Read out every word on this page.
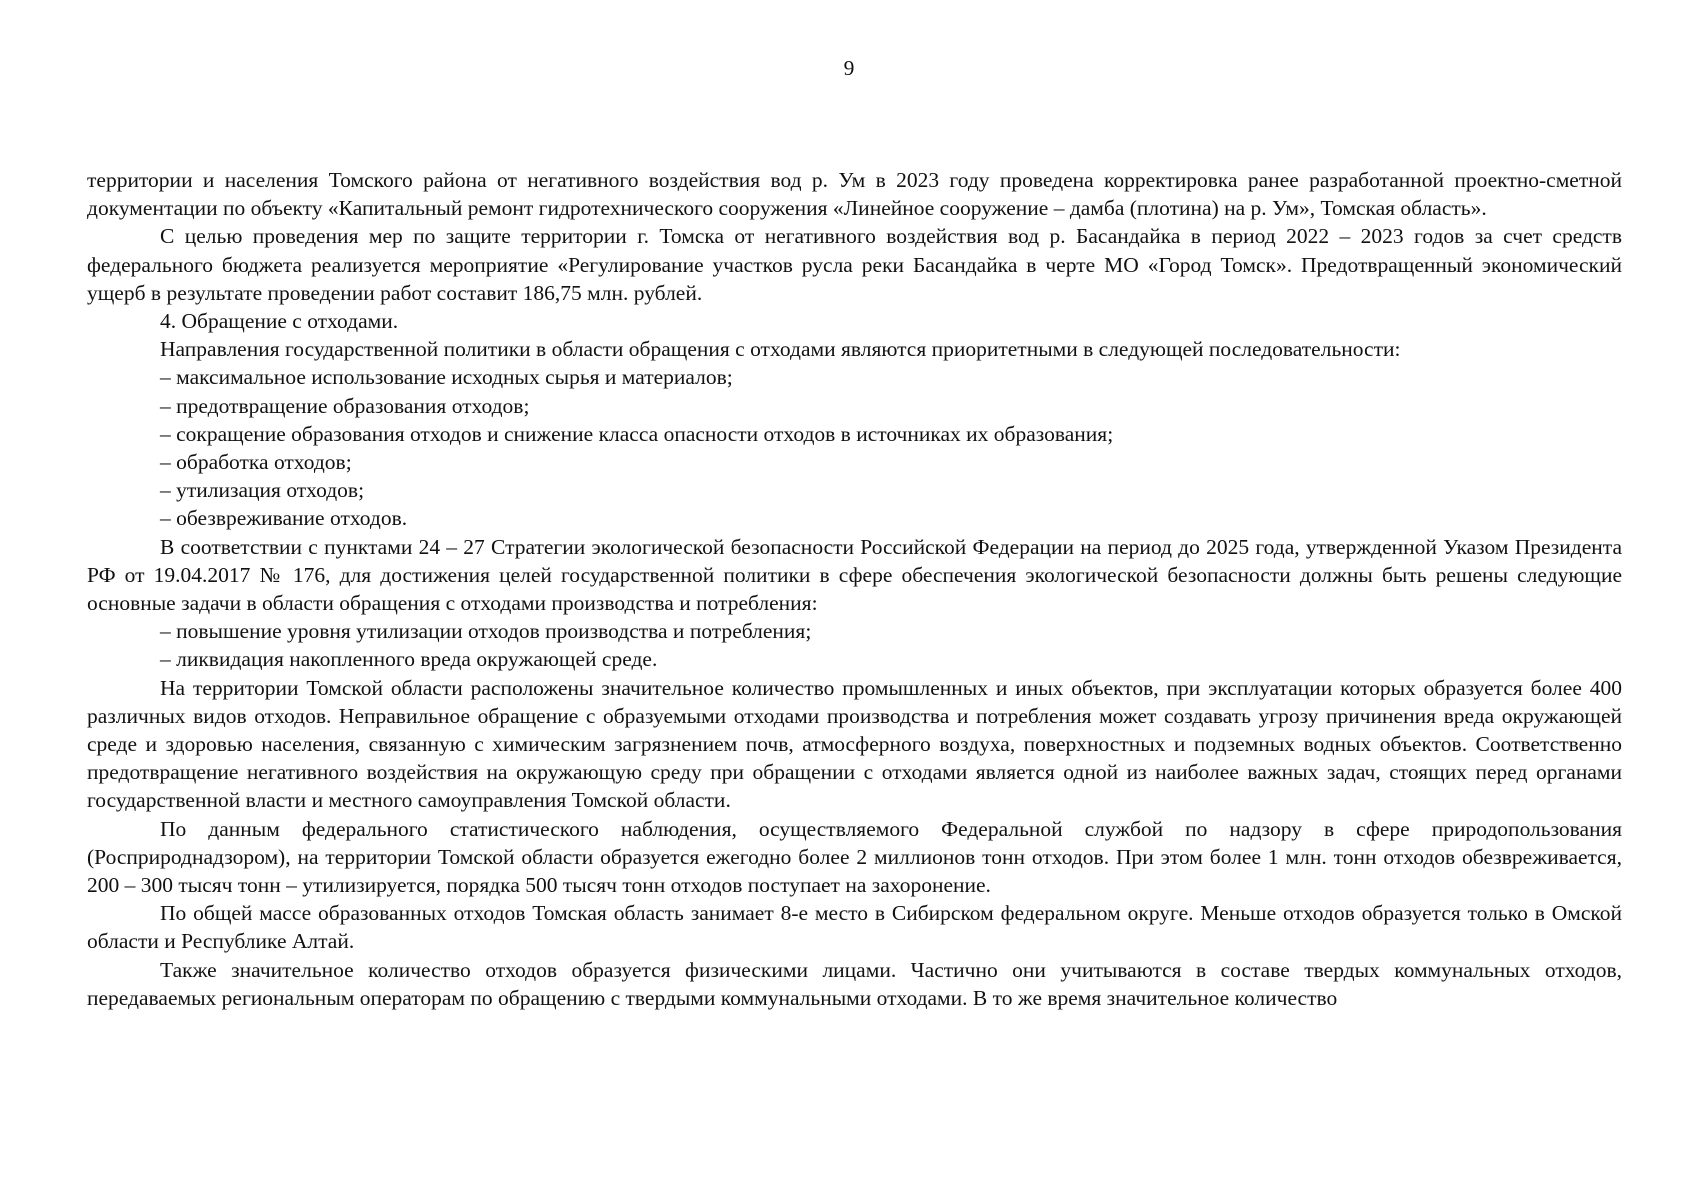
9

территории и населения Томского района от негативного воздействия вод р. Ум в 2023 году проведена корректировка ранее разработанной проектно-сметной документации по объекту «Капитальный ремонт гидротехнического сооружения «Линейное сооружение – дамба (плотина) на р. Ум», Томская область».

С целью проведения мер по защите территории г. Томска от негативного воздействия вод р. Басандайка в период 2022 – 2023 годов за счет средств федерального бюджета реализуется мероприятие «Регулирование участков русла реки Басандайка в черте МО «Город Томск». Предотвращенный экономический ущерб в результате проведении работ составит 186,75 млн. рублей.

4. Обращение с отходами.

Направления государственной политики в области обращения с отходами являются приоритетными в следующей последовательности:

– максимальное использование исходных сырья и материалов;

– предотвращение образования отходов;

– сокращение образования отходов и снижение класса опасности отходов в источниках их образования;

– обработка отходов;

– утилизация отходов;

– обезвреживание отходов.

В соответствии с пунктами 24 – 27 Стратегии экологической безопасности Российской Федерации на период до 2025 года, утвержденной Указом Президента РФ от 19.04.2017 № 176, для достижения целей государственной политики в сфере обеспечения экологической безопасности должны быть решены следующие основные задачи в области обращения с отходами производства и потребления:

– повышение уровня утилизации отходов производства и потребления;

– ликвидация накопленного вреда окружающей среде.

На территории Томской области расположены значительное количество промышленных и иных объектов, при эксплуатации которых образуется более 400 различных видов отходов. Неправильное обращение с образуемыми отходами производства и потребления может создавать угрозу причинения вреда окружающей среде и здоровью населения, связанную с химическим загрязнением почв, атмосферного воздуха, поверхностных и подземных водных объектов. Соответственно предотвращение негативного воздействия на окружающую среду при обращении с отходами является одной из наиболее важных задач, стоящих перед органами государственной власти и местного самоуправления Томской области.

По данным федерального статистического наблюдения, осуществляемого Федеральной службой по надзору в сфере природопользования (Росприроднадзором), на территории Томской области образуется ежегодно более 2 миллионов тонн отходов. При этом более 1 млн. тонн отходов обезвреживается, 200 – 300 тысяч тонн – утилизируется, порядка 500 тысяч тонн отходов поступает на захоронение.

По общей массе образованных отходов Томская область занимает 8-е место в Сибирском федеральном округе. Меньше отходов образуется только в Омской области и Республике Алтай.

Также значительное количество отходов образуется физическими лицами. Частично они учитываются в составе твердых коммунальных отходов, передаваемых региональным операторам по обращению с твердыми коммунальными отходами. В то же время значительное количество
